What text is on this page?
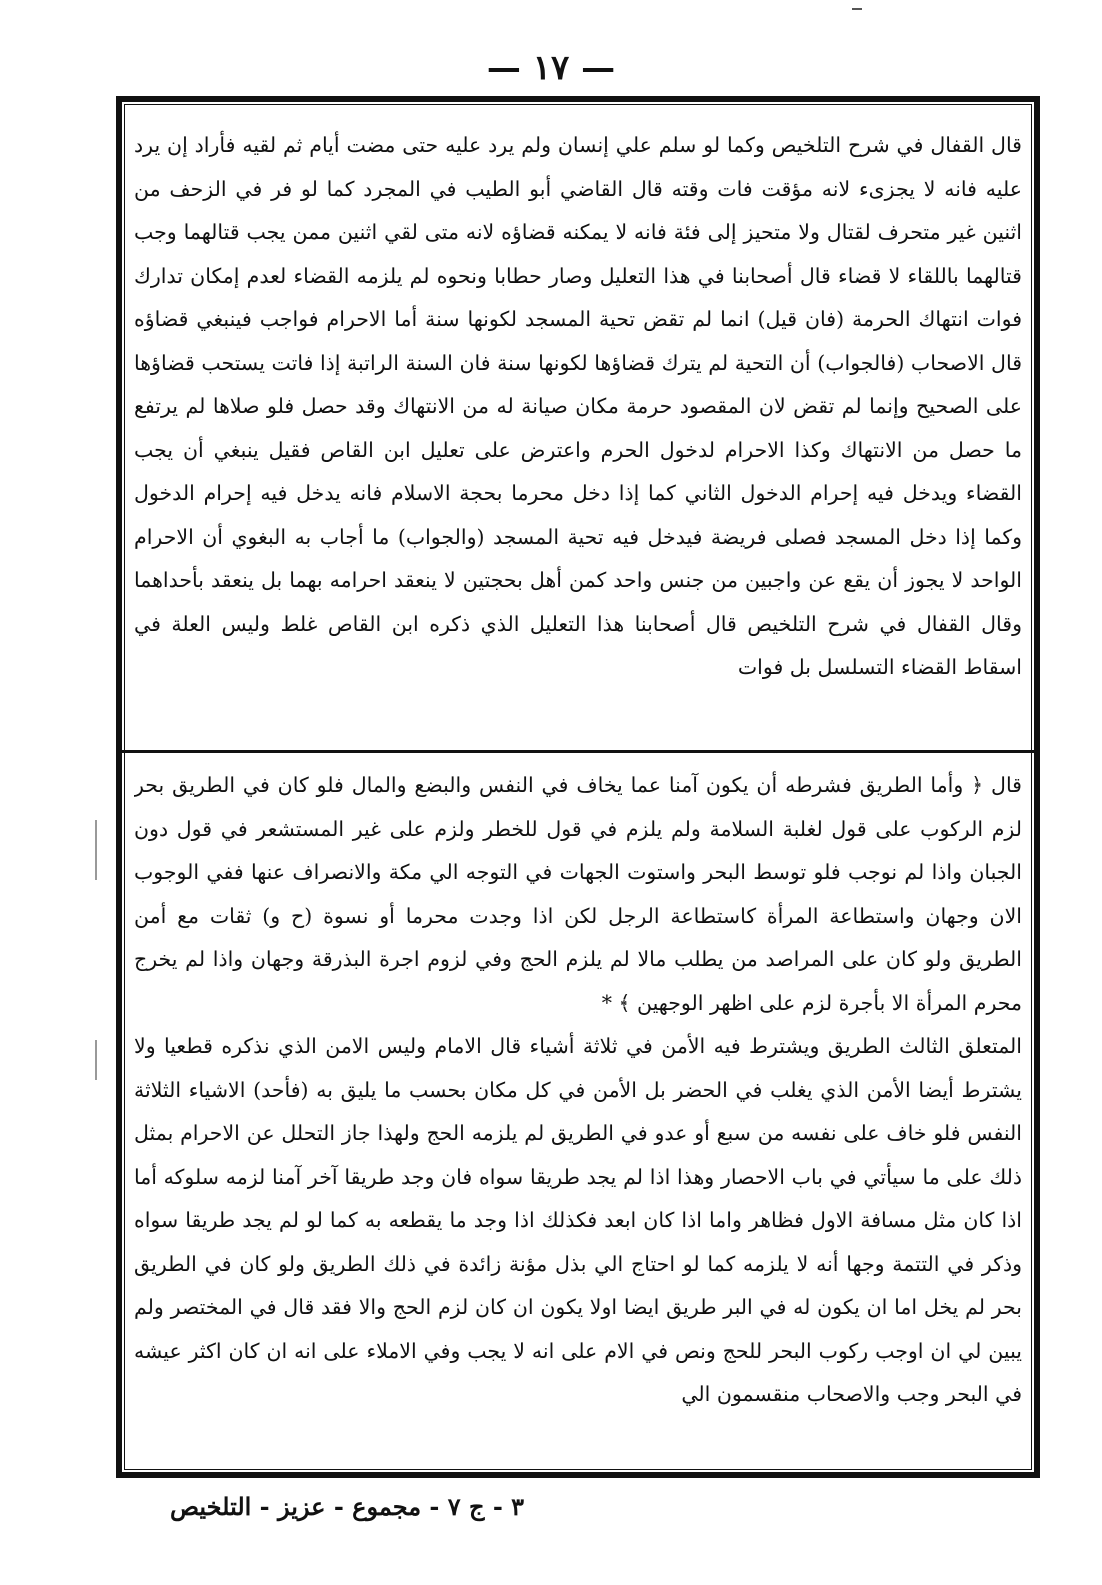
— ١٧ —

قال القفال في شرح التلخيص وكما لو سلم علي إنسان ولم يرد عليه حتى مضت أيام ثم لقيه فأراد إن يرد عليه فانه لا يجزىء لانه مؤقت فات وقته قال القاضي أبو الطيب في المجرد كما لو فر في الزحف من اثنين غير متحرف لقتال ولا متحيز إلى فئة فانه لا يمكنه قضاؤه لانه متى لقي اثنين ممن يجب قتالهما وجب قتالهما باللقاء لا قضاء قال أصحابنا في هذا التعليل وصار حطابا ونحوه لم يلزمه القضاء لعدم إمكان تدارك فوات انتهاك الحرمة (فان قيل) انما لم تقض تحية المسجد لكونها سنة أما الاحرام فواجب فينبغي قضاؤه قال الاصحاب (فالجواب) أن التحية لم يترك قضاؤها لكونها سنة فان السنة الراتبة إذا فاتت يستحب قضاؤها على الصحيح وإنما لم تقض لان المقصود حرمة مكان صيانة له من الانتهاك وقد حصل فلو صلاها لم يرتفع ما حصل من الانتهاك وكذا الاحرام لدخول الحرم واعترض على تعليل ابن القاص فقيل ينبغي أن يجب القضاء ويدخل فيه إحرام الدخول الثاني كما إذا دخل محرما بحجة الاسلام فانه يدخل فيه إحرام الدخول وكما إذا دخل المسجد فصلى فريضة فيدخل فيه تحية المسجد (والجواب) ما أجاب به البغوي أن الاحرام الواحد لا يجوز أن يقع عن واجبين من جنس واحد كمن أهل بحجتين لا ينعقد احرامه بهما بل ينعقد بأحداهما وقال القفال في شرح التلخيص قال أصحابنا هذا التعليل الذي ذكره ابن القاص غلط وليس العلة في اسقاط القضاء التسلسل بل فوات

قال ﴿ وأما الطريق فشرطه أن يكون آمنا عما يخاف في النفس والبضع والمال فلو كان في الطريق بحر لزم الركوب على قول لغلبة السلامة ولم يلزم في قول للخطر ولزم على غير المستشعر في قول دون الجبان واذا لم نوجب فلو توسط البحر واستوت الجهات في التوجه الي مكة والانصراف عنها ففي الوجوب الان وجهان واستطاعة المرأة كاستطاعة الرجل لكن اذا وجدت محرما أو نسوة (ح و) ثقات مع أمن الطريق ولو كان على المراصد من يطلب مالا لم يلزم الحج وفي لزوم اجرة البذرقة وجهان واذا لم يخرج محرم المرأة الا بأجرة لزم على اظهر الوجهين ﴾ *

المتعلق الثالث الطريق ويشترط فيه الأمن في ثلاثة أشياء قال الامام وليس الامن الذي نذكره قطعيا ولا يشترط أيضا الأمن الذي يغلب في الحضر بل الأمن في كل مكان بحسب ما يليق به (فأحد) الاشياء الثلاثة النفس فلو خاف على نفسه من سبع أو عدو في الطريق لم يلزمه الحج ولهذا جاز التحلل عن الاحرام بمثل ذلك على ما سيأتي في باب الاحصار وهذا اذا لم يجد طريقا سواه فان وجد طريقا آخر آمنا لزمه سلوكه أما اذا كان مثل مسافة الاول فظاهر واما اذا كان ابعد فكذلك اذا وجد ما يقطعه به كما لو لم يجد طريقا سواه وذكر في التتمة وجها أنه لا يلزمه كما لو احتاج الي بذل مؤنة زائدة في ذلك الطريق ولو كان في الطريق بحر لم يخل اما ان يكون له في البر طريق ايضا اولا يكون ان كان لزم الحج والا فقد قال في المختصر ولم يبين لي ان اوجب ركوب البحر للحج ونص في الام على انه لا يجب وفي الاملاء على انه ان كان اكثر عيشه في البحر وجب والاصحاب منقسمون الي

٣ - ج ٧ - مجموع - عزيز - التلخيص
